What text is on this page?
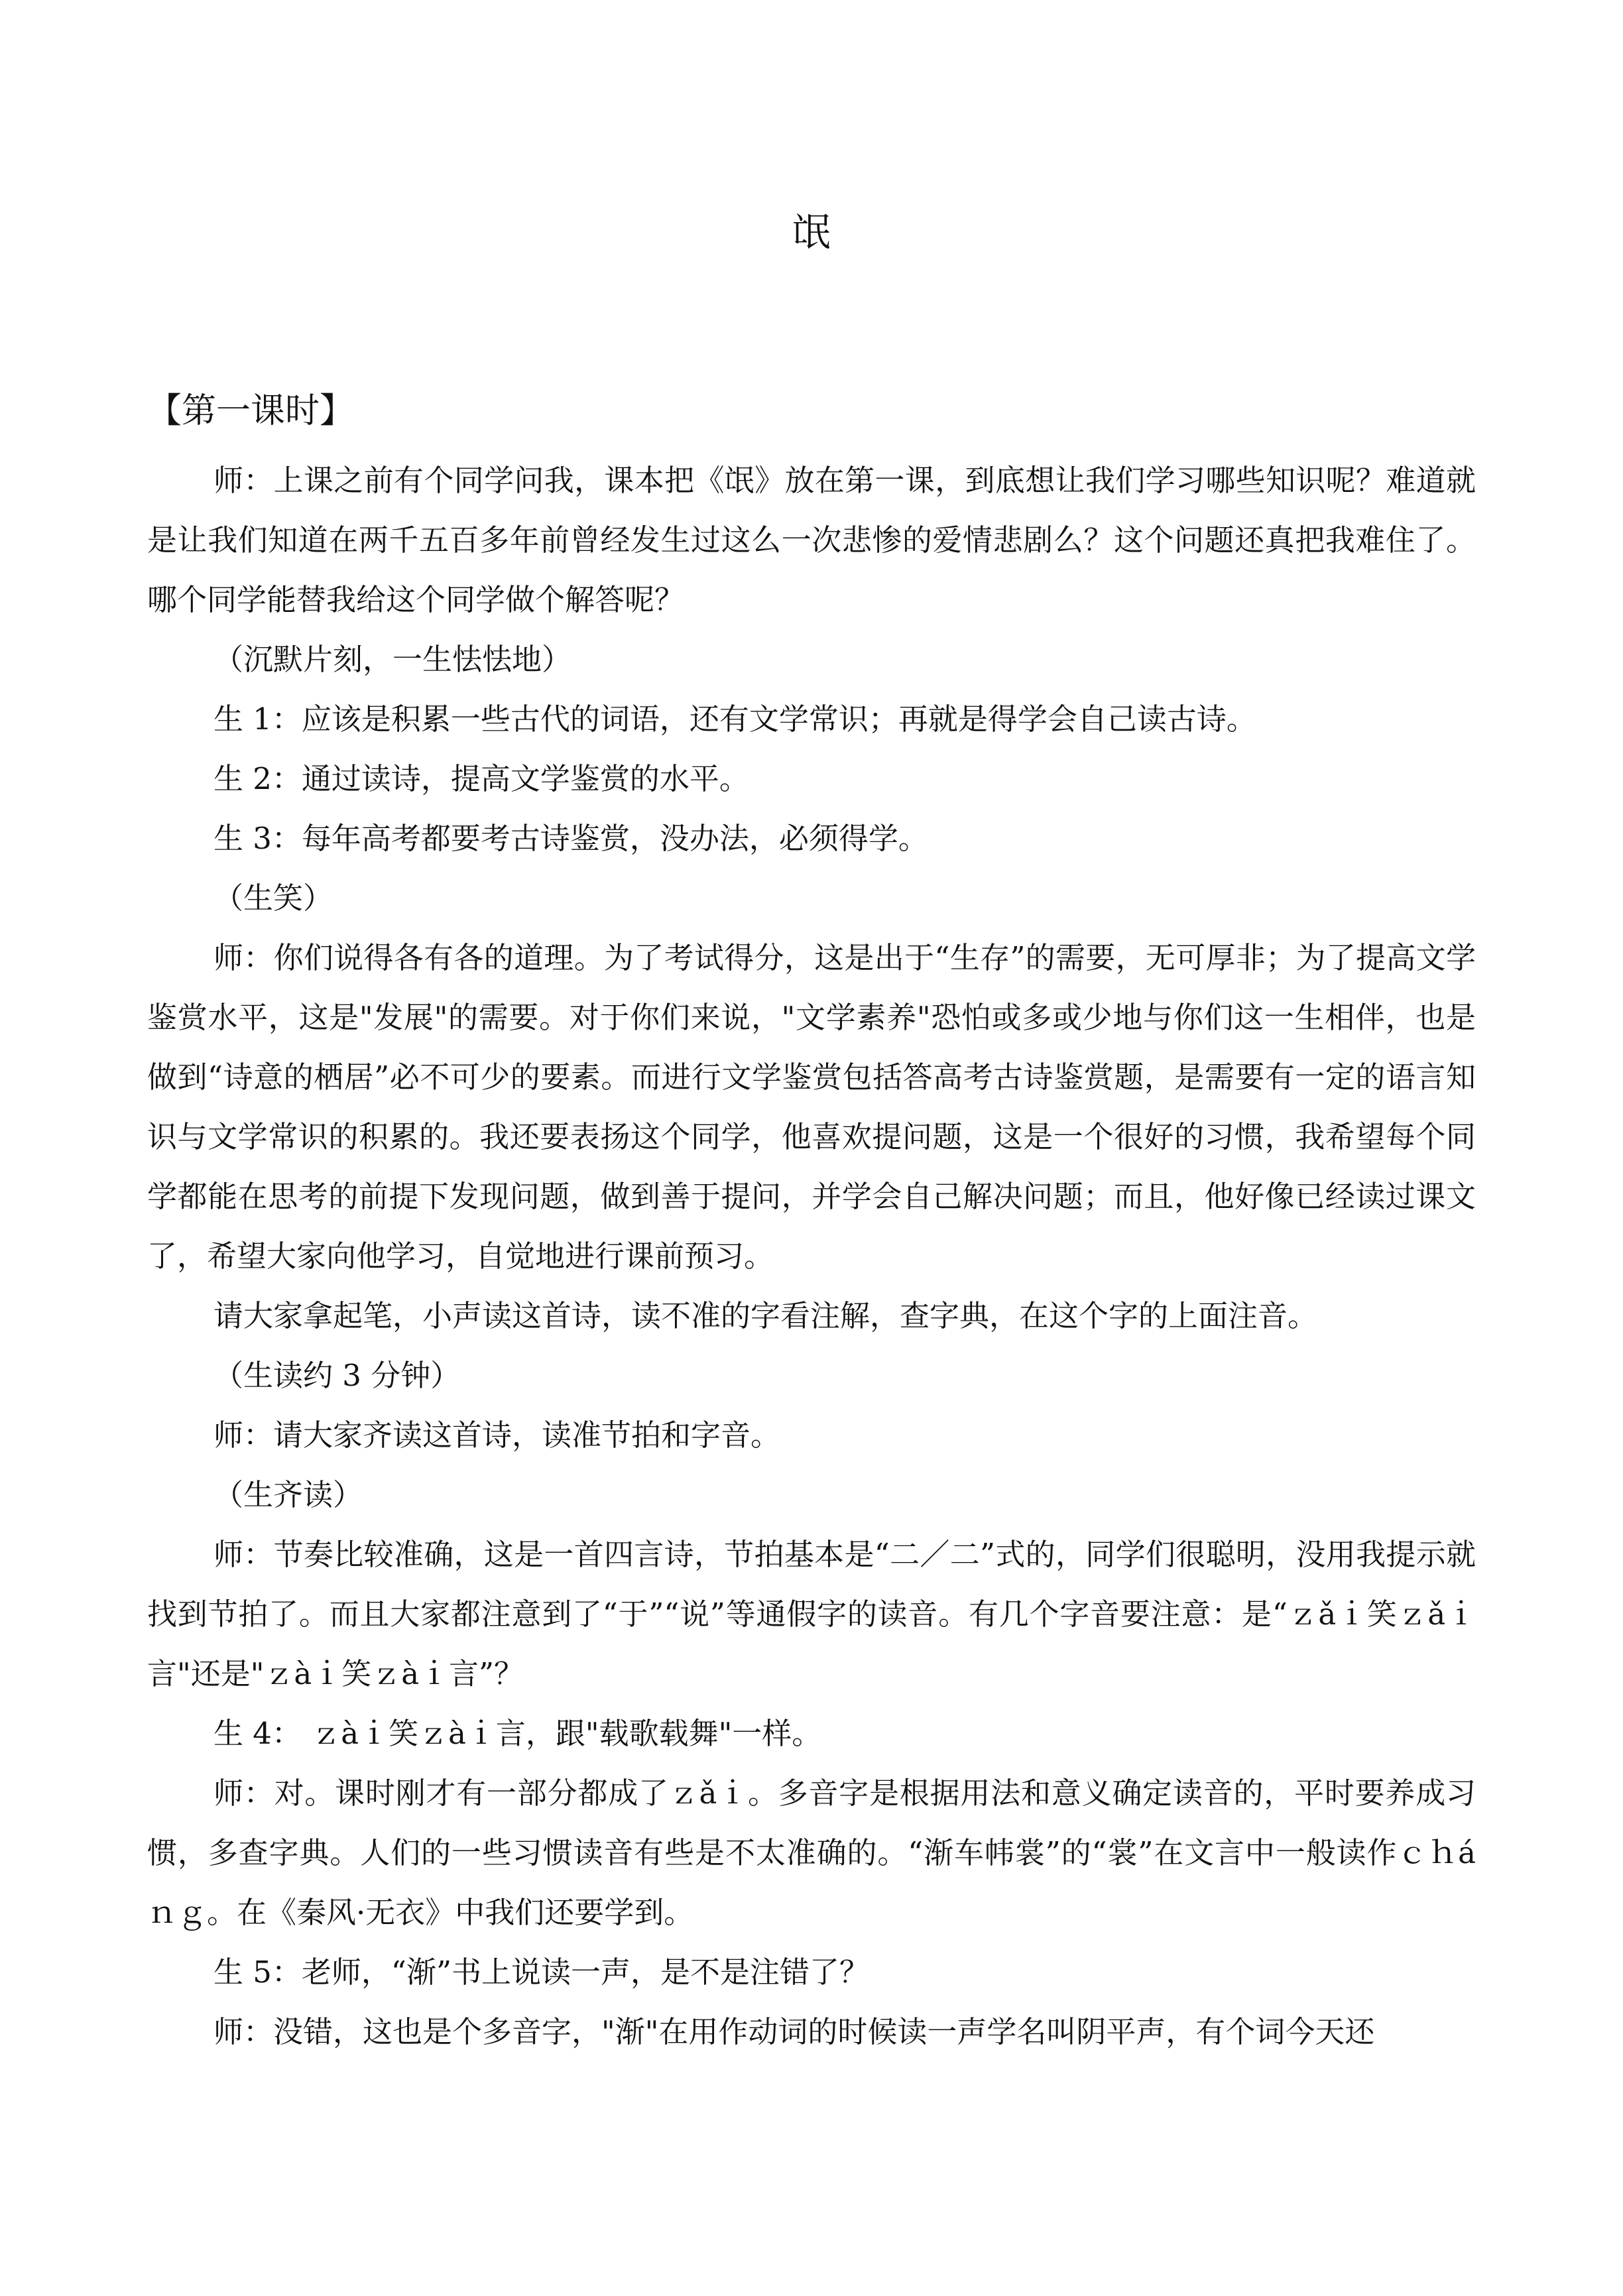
氓
【第一课时】

师：上课之前有个同学问我，课本把《氓》放在第一课，到底想让我们学习哪些知识呢？难道就是让我们知道在两千五百多年前曾经发生过这么一次悲惨的爱情悲剧么？这个问题还真把我难住了。哪个同学能替我给这个同学做个解答呢？

（沉默片刻，一生怯怯地）

生 1：应该是积累一些古代的词语，还有文学常识；再就是得学会自己读古诗。

生 2：通过读诗，提高文学鉴赏的水平。

生 3：每年高考都要考古诗鉴赏，没办法，必须得学。

（生笑）

师：你们说得各有各的道理。为了考试得分，这是出于“生存”的需要，无可厚非；为了提高文学鉴赏水平，这是"发展"的需要。对于你们来说，"文学素养"恐怕或多或少地与你们这一生相伴，也是做到“诗意的栖居”必不可少的要素。而进行文学鉴赏包括答高考古诗鉴赏题，是需要有一定的语言知识与文学常识的积累的。我还要表扬这个同学，他喜欢提问题，这是一个很好的习惯，我希望每个同学都能在思考的前提下发现问题，做到善于提问，并学会自己解决问题；而且，他好像已经读过课文了，希望大家向他学习，自觉地进行课前预习。

请大家拿起笔，小声读这首诗，读不准的字看注解，查字典，在这个字的上面注音。

（生读约 3 分钟）

师：请大家齐读这首诗，读准节拍和字音。

（生齐读）

师：节奏比较准确，这是一首四言诗，节拍基本是“二／二”式的，同学们很聪明，没用我提示就找到节拍了。而且大家都注意到了“于”“说”等通假字的读音。有几个字音要注意：是“ｚǎｉ笑ｚǎｉ言"还是"ｚàｉ笑ｚàｉ言”？

生 4： ｚàｉ笑ｚàｉ言，跟"载歌载舞"一样。

师：对。课时刚才有一部分都成了ｚǎｉ。多音字是根据用法和意义确定读音的，平时要养成习惯，多查字典。人们的一些习惯读音有些是不太准确的。“渐车帏裳”的“裳”在文言中一般读作ｃｈáｎｇ。在《秦风·无衣》中我们还要学到。

生 5：老师，“渐”书上说读一声，是不是注错了？

师：没错，这也是个多音字，"渐"在用作动词的时候读一声学名叫阴平声，有个词今天还
